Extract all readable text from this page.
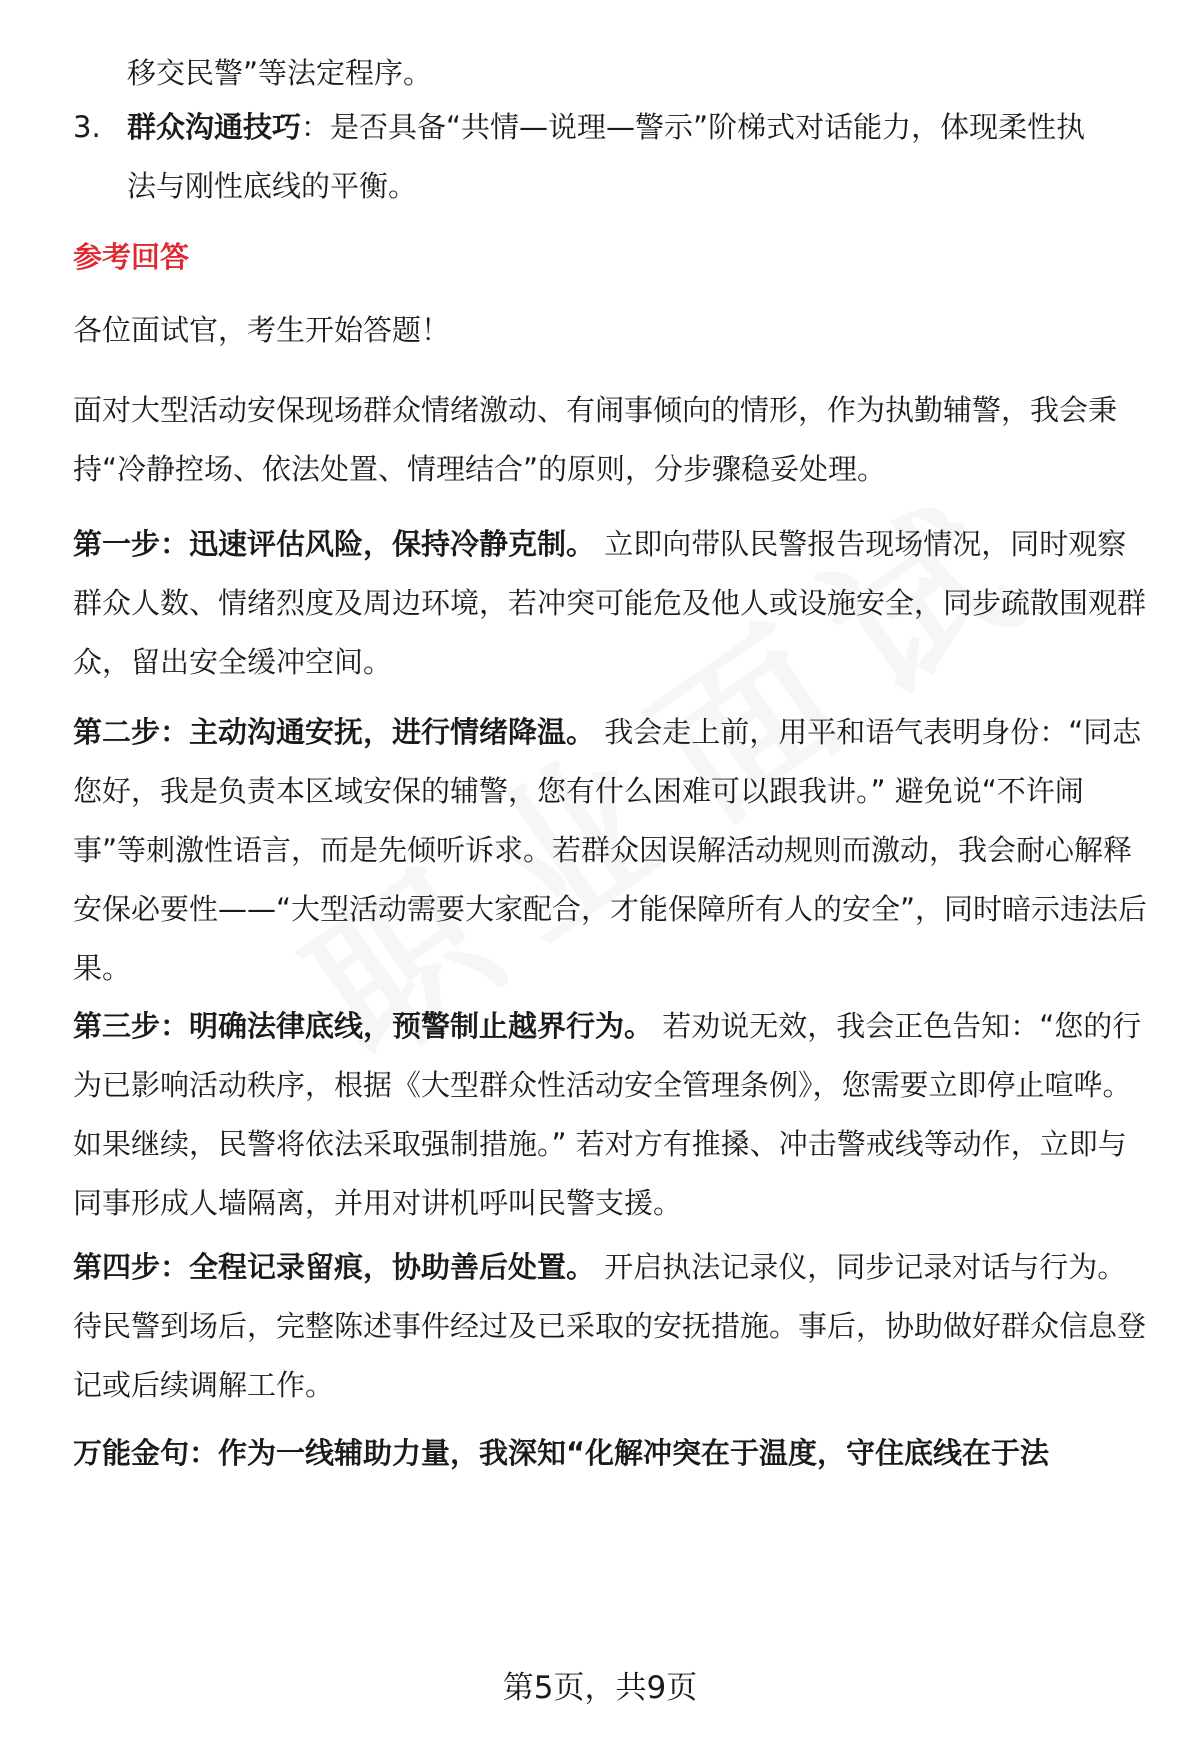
移交民警”等法定程序。
3. 群众沟通技巧：是否具备“共情—说理—警示”阶梯式对话能力，体现柔性执
法与刚性底线的平衡。
参考回答
各位面试官，考生开始答题！
面对大型活动安保现场群众情绪激动、有闹事倾向的情形，作为执勤辅警，我会秉持“冷静控场、依法处置、情理结合”的原则，分步骤稳妥处理。
第一步：迅速评估风险，保持冷静克制。 立即向带队民警报告现场情况，同时观察群众人数、情绪烈度及周边环境，若冲突可能危及他人或设施安全，同步疏散围观群众，留出安全缓冲空间。
第二步：主动沟通安抚，进行情绪降温。 我会走上前，用平和语气表明身份：“同志您好，我是负责本区域安保的辅警，您有什么困难可以跟我讲。” 避免说“不许闹事”等刺激性语言，而是先倾听诉求。若群众因误解活动规则而激动，我会耐心解释安保必要性——“大型活动需要大家配合，才能保障所有人的安全”，同时暗示违法后果。
第三步：明确法律底线，预警制止越界行为。 若劝说无效，我会正色告知：“您的行为已影响活动秩序，根据《大型群众性活动安全管理条例》，您需要立即停止喧哗。如果继续，民警将依法采取强制措施。” 若对方有推搡、冲击警戒线等动作，立即与同事形成人墙隔离，并用对讲机呼叫民警支援。
第四步：全程记录留痕，协助善后处置。 开启执法记录仪，同步记录对话与行为。待民警到场后，完整陈述事件经过及已采取的安抚措施。事后，协助做好群众信息登记或后续调解工作。
万能金句：作为一线辅助力量，我深知“化解冲突在于温度，守住底线在于法
第5页，共9页
